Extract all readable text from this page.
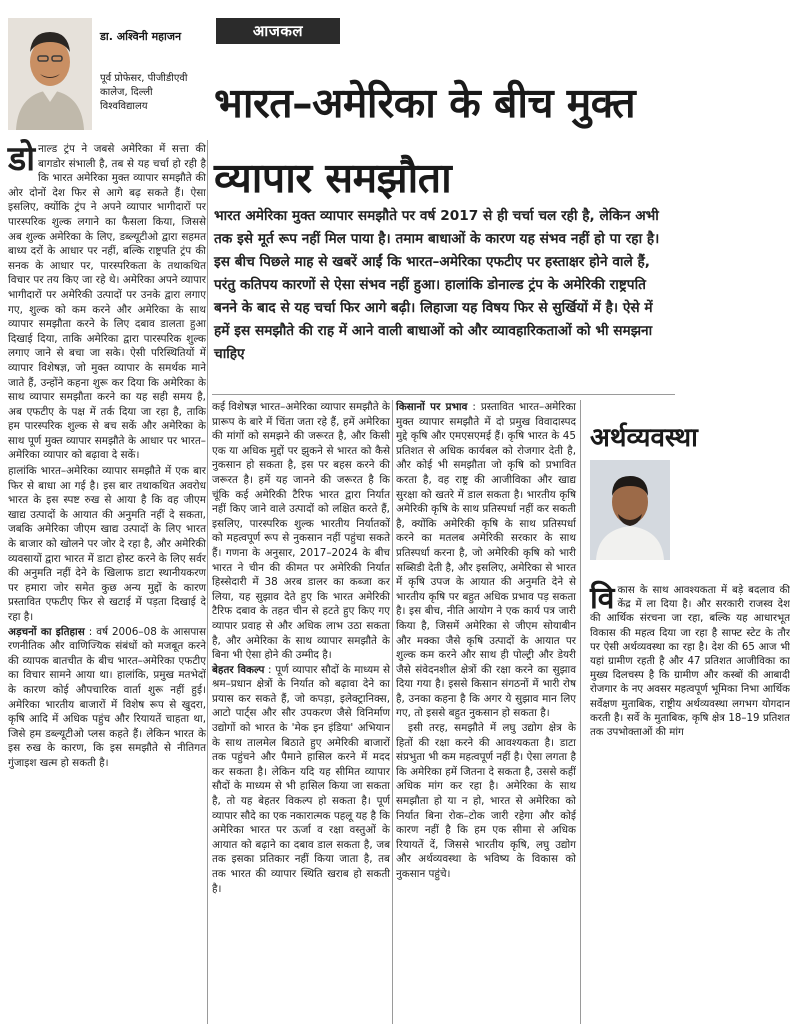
डा. अश्विनी महाजन
पूर्व प्रोफेसर, पीजीडीएवी कालेज, दिल्ली विश्वविद्यालय
आजकल
भारत–अमेरिका के बीच मुक्त व्यापार समझौता
भारत अमेरिका मुक्त व्यापार समझौते पर वर्ष 2017 से ही चर्चा चल रही है, लेकिन अभी तक इसे मूर्त रूप नहीं मिल पाया है। तमाम बाधाओं के कारण यह संभव नहीं हो पा रहा है। इस बीच पिछले माह से खबरें आईं कि भारत–अमेरिका एफटीए पर हस्ताक्षर होने वाले हैं, परंतु कतिपय कारणों से ऐसा संभव नहीं हुआ। हालांकि डोनाल्ड ट्रंप के अमेरिकी राष्ट्रपति बनने के बाद से यह चर्चा फिर आगे बढ़ी। लिहाजा यह विषय फिर से सुर्खियों में है। ऐसे में हमें इस समझौते की राह में आने वाली बाधाओं को और व्यावहारिकताओं को भी समझना चाहिए

डोनाल्ड ट्रंप ने जबसे अमेरिका में सत्ता की बागडोर संभाली है, तब से यह चर्चा हो रही है कि भारत अमेरिका मुक्त व्यापार समझौते की ओर दोनों देश फिर से आगे बढ़ सकते हैं। ऐसा इसलिए, क्योंकि ट्रंप ने अपने व्यापार भागीदारों पर पारस्परिक शुल्क लगाने का फैसला किया, जिससे अब शुल्क अमेरिका के लिए, डब्ल्यूटीओ द्वारा सहमत बाध्य दरों के आधार पर नहीं, बल्कि राष्ट्रपति ट्रंप की सनक के आधार पर, पारस्परिकता के तथाकथित विचार पर तय किए जा रहे थे। अमेरिका अपने व्यापार भागीदारों पर अमेरिकी उत्पादों पर उनके द्वारा लगाए गए, शुल्क को कम करने और अमेरिका के साथ व्यापार समझौता करने के लिए दबाव डालता हुआ दिखाई दिया, ताकि अमेरिका द्वारा पारस्परिक शुल्क लगाए जाने से बचा जा सके। ऐसी परिस्थितियों में व्यापार विशेषज्ञ, जो मुक्त व्यापार के समर्थक माने जाते हैं, उन्होंने कहना शुरू कर दिया कि अमेरिका के साथ व्यापार समझौता करने का यह सही समय है, अब एफटीए के पक्ष में तर्क दिया जा रहा है, ताकि हम पारस्परिक शुल्क से बच सकें और अमेरिका के साथ पूर्ण मुक्त व्यापार समझौते के आधार पर भारत–अमेरिका व्यापार को बढ़ावा दे सकें।

हालांकि भारत–अमेरिका व्यापार समझौते में एक बार फिर से बाधा आ गई है। इस बार तथाकथित अवरोध भारत के इस स्पष्ट रुख से आया है कि वह जीएम खाद्य उत्पादों के आयात की अनुमति नहीं दे सकता, जबकि अमेरिका जीएम खाद्य उत्पादों के लिए भारत के बाजार को खोलने पर जोर दे रहा है, और अमेरिकी व्यवसायों द्वारा भारत में डाटा होस्ट करने के लिए सर्वर की अनुमति नहीं देने के खिलाफ डाटा स्थानीयकरण पर हमारा जोर समेत कुछ अन्य मुद्दों के कारण प्रस्तावित एफटीए फिर से खटाई में पड़ता दिखाई दे रहा है।

अड़चनों का इतिहास : वर्ष 2006–08 के आसपास रणनीतिक और वाणिज्यिक संबंधों को मजबूत करने की व्यापक बातचीत के बीच भारत–अमेरिका एफटीए का विचार सामने आया था। हालांकि, प्रमुख मतभेदों के कारण कोई औपचारिक वार्ता शुरू नहीं हुई। अमेरिका भारतीय बाजारों में विशेष रूप से खुदरा, कृषि आदि में अधिक पहुंच और रियायतें चाहता था, जिसे हम डब्ल्यूटीओ प्लस कहते हैं। लेकिन भारत के इस रुख के कारण, कि इस समझौते से नीतिगत गुंजाइश खत्म हो सकती है।

कई विशेषज्ञ भारत–अमेरिका व्यापार समझौते के प्रारूप के बारे में चिंता जता रहे हैं, हमें अमेरिका की मांगों को समझने की जरूरत है, और किसी एक या अधिक मुद्दों पर झुकने से भारत को कैसे नुकसान हो सकता है, इस पर बहस करने की जरूरत है। हमें यह जानने की जरूरत है कि चूंकि कई अमेरिकी टैरिफ भारत द्वारा निर्यात नहीं किए जाने वाले उत्पादों को लक्षित करते हैं, इसलिए, पारस्परिक शुल्क भारतीय निर्यातकों को महत्वपूर्ण रूप से नुकसान नहीं पहुंचा सकते हैं। गणना के अनुसार, 2017–2024 के बीच भारत ने चीन की कीमत पर अमेरिकी निर्यात हिस्सेदारी में 38 अरब डालर का कब्जा कर लिया, यह सुझाव देते हुए कि भारत अमेरिकी टैरिफ दबाव के तहत चीन से हटते हुए किए गए व्यापार प्रवाह से और अधिक लाभ उठा सकता है, और अमेरिका के साथ व्यापार समझौते के बिना भी ऐसा होने की उम्मीद है।

बेहतर विकल्प : पूर्ण व्यापार सौदों के माध्यम से श्रम–प्रधान क्षेत्रों के निर्यात को बढ़ावा देने का प्रयास कर सकते हैं, जो कपड़ा, इलेक्ट्रानिक्स, आटो पार्ट्स और सौर उपकरण जैसे विनिर्माण उद्योगों को भारत के 'मेक इन इंडिया' अभियान के साथ तालमेल बिठाते हुए अमेरिकी बाजारों तक पहुंचने और पैमाने हासिल करने में मदद कर सकता है। लेकिन यदि यह सीमित व्यापार सौदों के माध्यम से भी हासिल किया जा सकता है, तो यह बेहतर विकल्प हो सकता है। पूर्ण व्यापार सौदे का एक नकारात्मक पहलू यह है कि अमेरिका भारत पर ऊर्जा व रक्षा वस्तुओं के आयात को बढ़ाने का दबाव डाल सकता है, जब तक इसका प्रतिकार नहीं किया जाता है, तब तक भारत की व्यापार स्थिति खराब हो सकती है।

किसानों पर प्रभाव : प्रस्तावित भारत–अमेरिका मुक्त व्यापार समझौते में दो प्रमुख विवादास्पद मुद्दे कृषि और एमएसएमई हैं। कृषि भारत के 45 प्रतिशत से अधिक कार्यबल को रोजगार देती है, और कोई भी समझौता जो कृषि को प्रभावित करता है, वह राष्ट्र की आजीविका और खाद्य सुरक्षा को खतरे में डाल सकता है। भारतीय कृषि अमेरिकी कृषि के साथ प्रतिस्पर्धा नहीं कर सकती है, क्योंकि अमेरिकी कृषि के साथ प्रतिस्पर्धा करने का मतलब अमेरिकी सरकार के साथ प्रतिस्पर्धा करना है, जो अमेरिकी कृषि को भारी सब्सिडी देती है, और इसलिए, अमेरिका से भारत में कृषि उपज के आयात की अनुमति देने से भारतीय कृषि पर बहुत अधिक प्रभाव पड़ सकता है। इस बीच, नीति आयोग ने एक कार्य पत्र जारी किया है, जिसमें अमेरिका से जीएम सोयाबीन और मक्का जैसे कृषि उत्पादों के आयात पर शुल्क कम करने और साथ ही पोल्ट्री और डेयरी जैसे संवेदनशील क्षेत्रों की रक्षा करने का सुझाव दिया गया है। इससे किसान संगठनों में भारी रोष है, उनका कहना है कि अगर ये सुझाव मान लिए गए, तो इससे बहुत नुकसान हो सकता है।

इसी तरह, समझौते में लघु उद्योग क्षेत्र के हितों की रक्षा करने की आवश्यकता है। डाटा संप्रभुता भी कम महत्वपूर्ण नहीं है। ऐसा लगता है कि अमेरिका हमें जितना दे सकता है, उससे कहीं अधिक मांग कर रहा है। अमेरिका के साथ समझौता हो या न हो, भारत से अमेरिका को निर्यात बिना रोक–टोक जारी रहेगा और कोई कारण नहीं है कि हम एक सीमा से अधिक रियायतें दें, जिससे भारतीय कृषि, लघु उद्योग और अर्थव्यवस्था के भविष्य के विकास को नुकसान पहुंचे।

अर्थव्यवस्था
विकास के साथ आवश्यकता में बड़े बदलाव की केंद्र में ला दिया है। और सरकारी राजस्व देश की आर्थिक संरचना जा रहा, बल्कि यह आधारभूत विकास की महत्व दिया जा रहा है साफ्ट स्टेट के तौर पर ऐसी अर्थव्यवस्था का रहा है। देश की 65 आज भी यहां ग्रामीण रहती है और 47 प्रतिशत आजीविका का मुख्य दिलचस्प है कि ग्रामीण और कस्बों की आबादी रोजगार के नए अवसर महत्वपूर्ण भूमिका निभा आर्थिक सर्वेक्षण मुताबिक, राष्ट्रीय अर्थव्यवस्था लगभग योगदान करती है। सर्वे के मुताबिक, कृषि क्षेत्र 18–19 प्रतिशत तक उपभोक्ताओं की मांग
